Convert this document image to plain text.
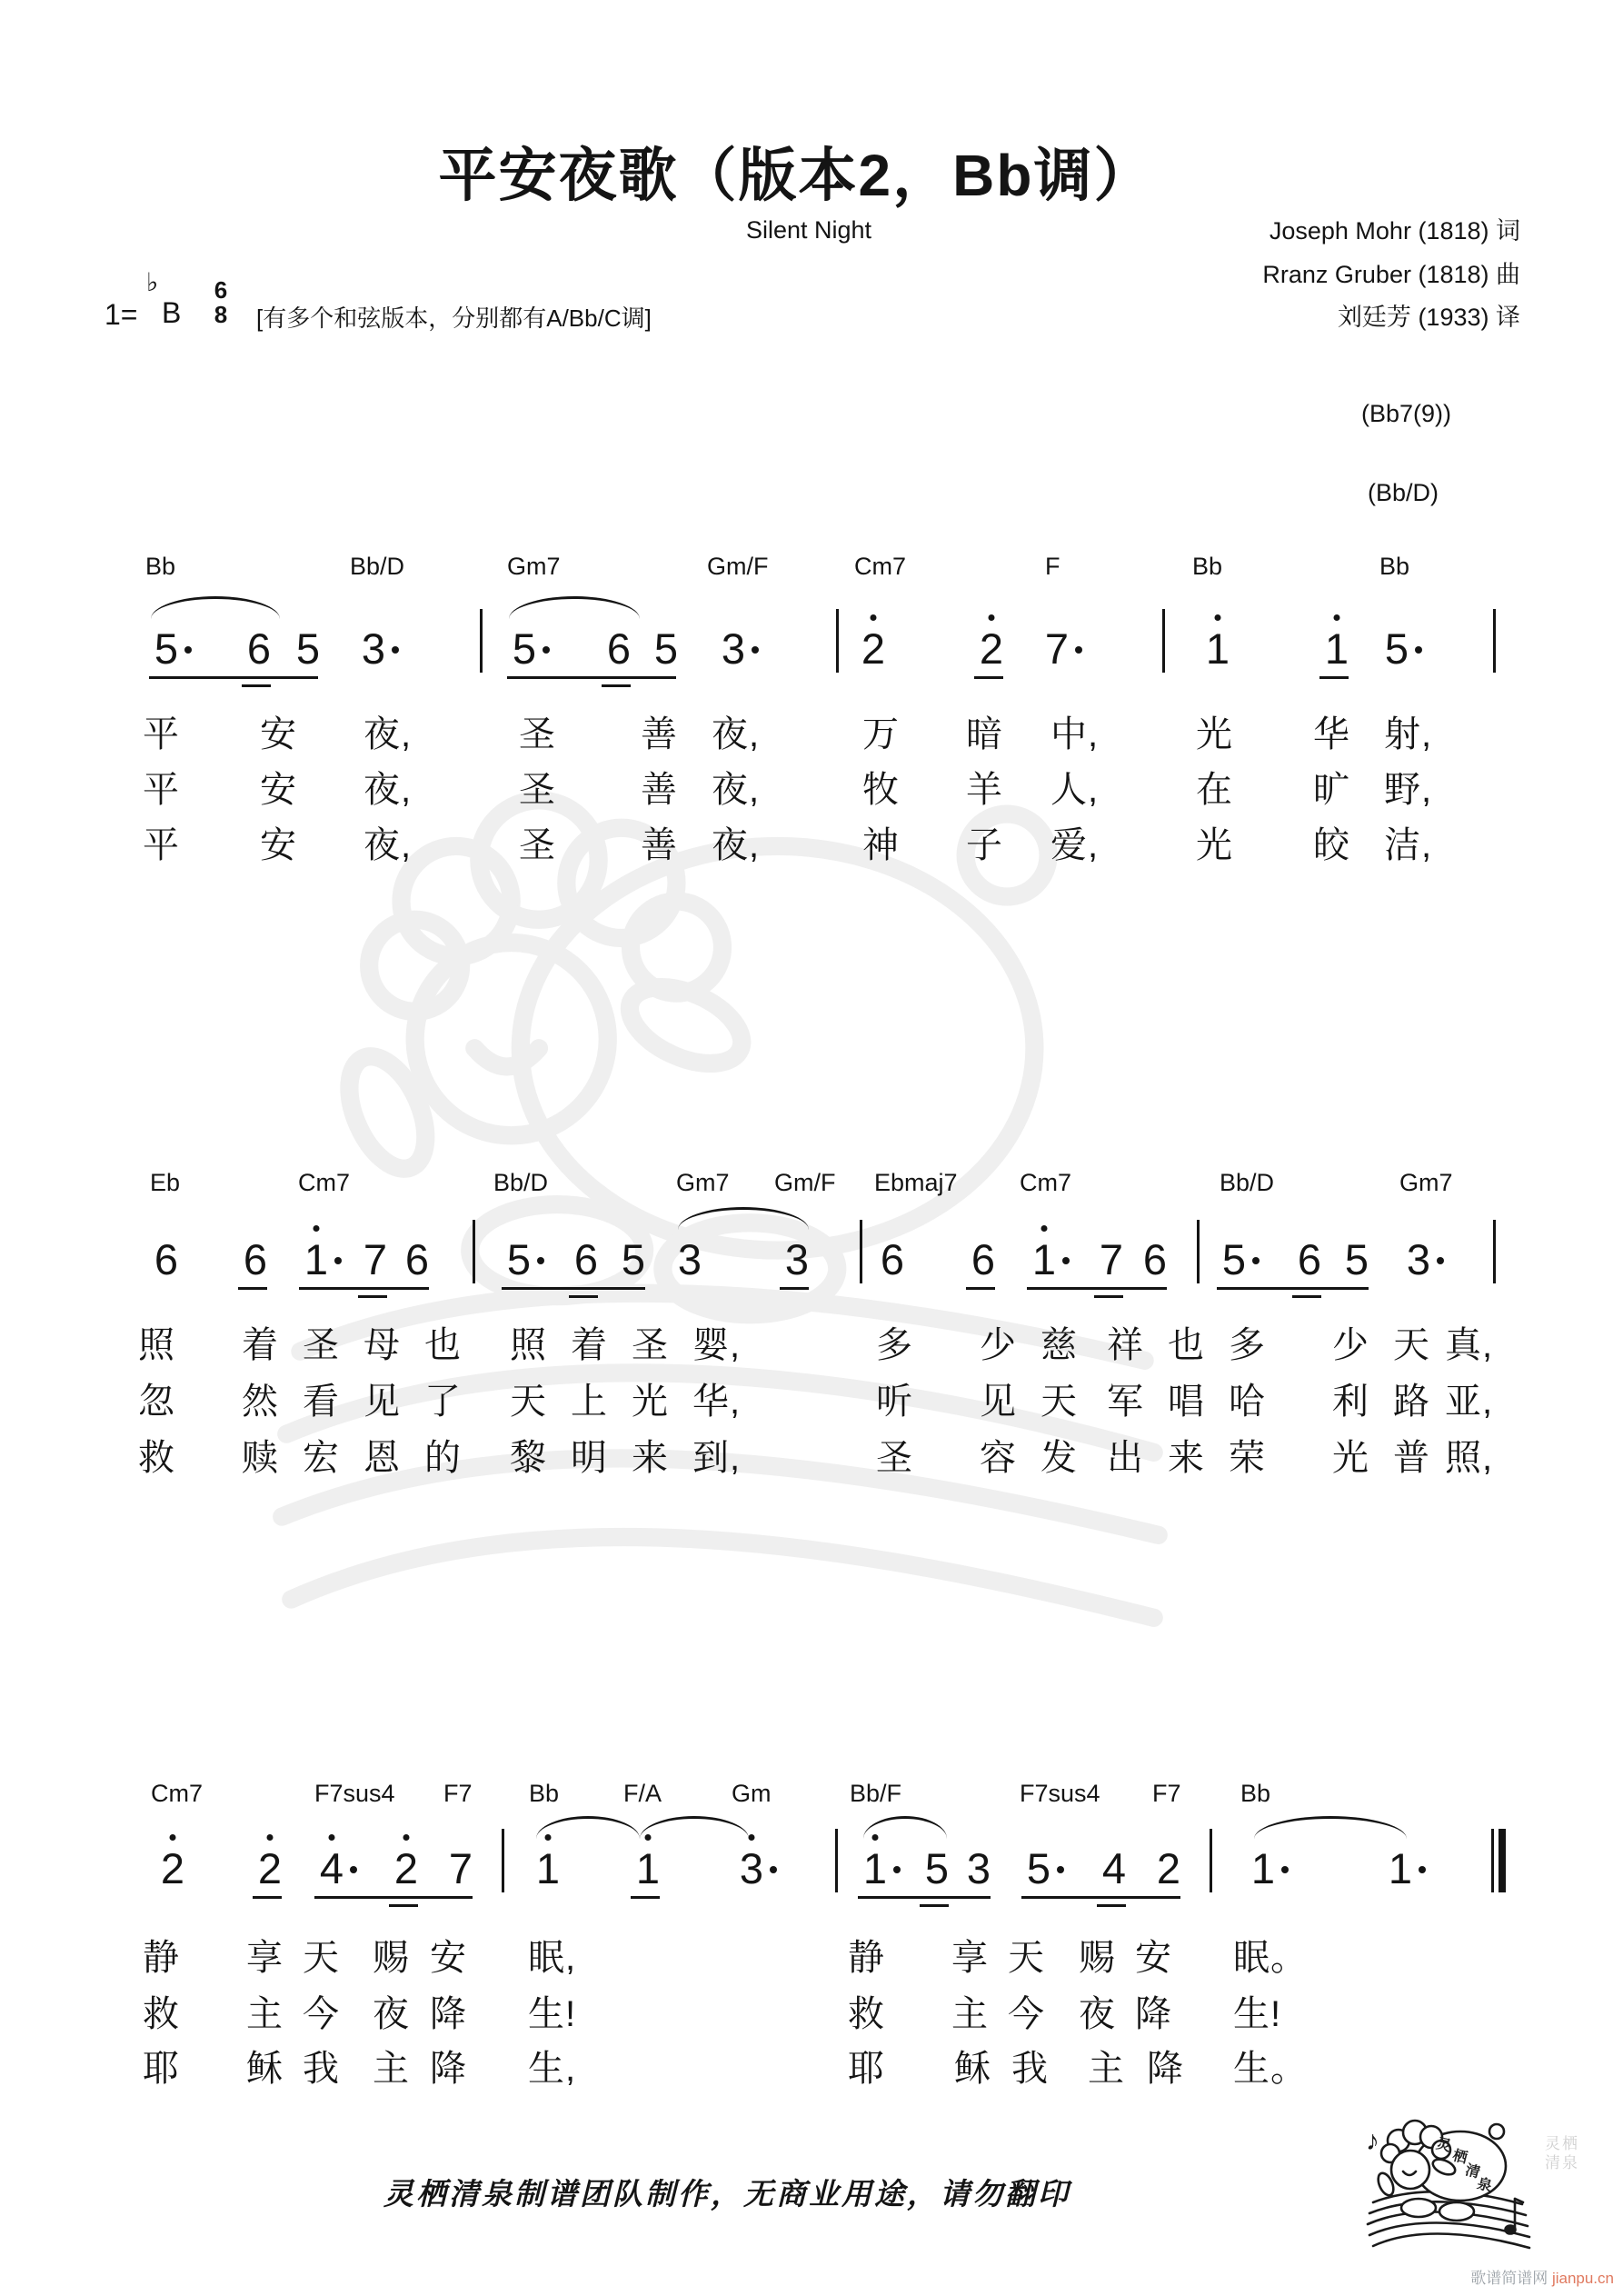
平安夜歌（版本2，Bb调）
Silent Night	Joseph Mohr (1818) 词
Rranz Gruber (1818) 曲
刘廷芳 (1933) 译
1=
♭
B
6
8	[有多个和弦版本，分别都有A/Bb/C调]
(Bb7(9))
(Bb/D)
Bb	Bb/D	Gm7	Gm/F	Cm7	F	Bb	Bb
5 6 5 3	5 6 5 3	2 2 7	1 1 5
平 安 夜,	圣 善 夜,	万 暗 中,	光 华 射,
平 安 夜,	圣 善 夜,	牧 羊 人,	在 旷 野,
平 安 夜,	圣 善 夜,	神 子 爱,	光 皎 洁,
Eb	Cm7	Bb/D	Gm7 Gm/F Ebmaj7	Cm7	Bb/D	Gm7
6 6 1 7 6 5 6 5 3 3 6 6 1 7 6 5 6 5 3
照 着 圣 母 也 照 着 圣 婴,	多 少 慈 祥 也 多 少 天 真,
忽 然 看 见 了 天 上 光 华,	听 见 天 军 唱 哈 利 路 亚,
救 赎 宏 恩 的 黎 明 来 到,	圣 容 发 出 来 荣 光 普 照,
Cm7	F7sus4 F7 Bb	F/A	Gm	Bb/F	F7sus4 F7 Bb
2 2 4 2 7 1 1 3 1 5 3 5 4 2 1	1
静 享 天 赐 安 眠,	静 享 天 赐 安 眠。
救 主 今 夜 降 生!	救 主 今 夜 降 生!
耶 稣 我 主 降 生,	耶 稣 我 主 降 生。
灵栖清泉制谱团队制作，无商业用途，请勿翻印
♪	灵
栖
清
泉
灵栖
清泉
歌谱简谱网 jianpu.cn
